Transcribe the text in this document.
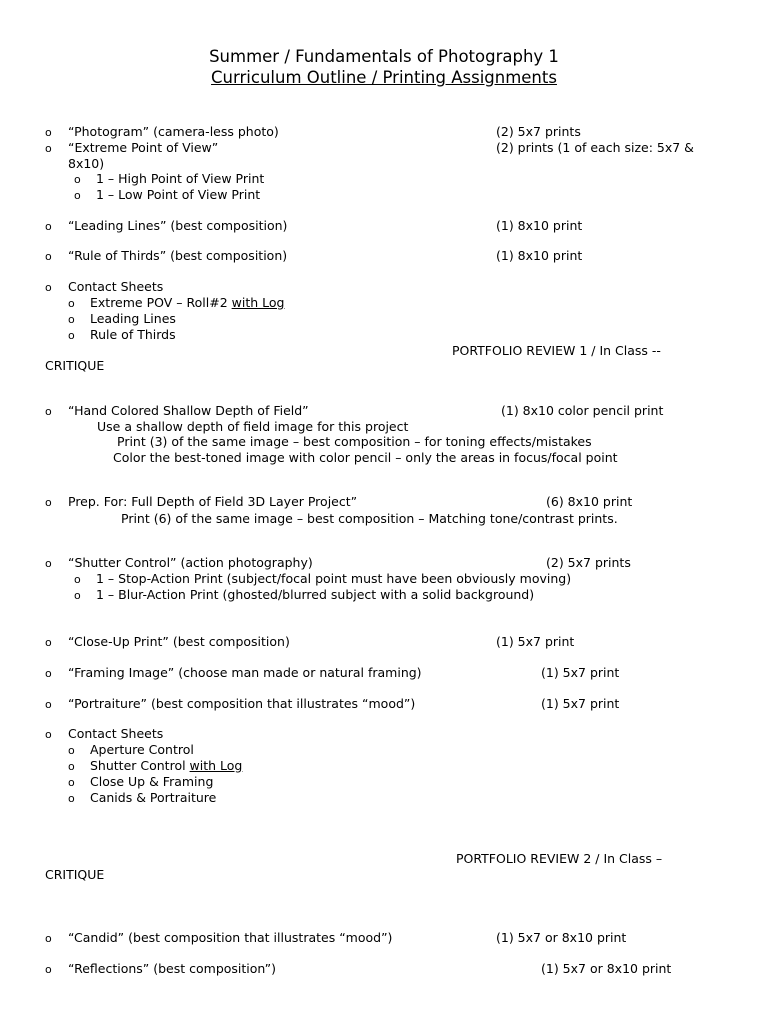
Summer / Fundamentals of Photography 1
Curriculum Outline / Printing Assignments
o “Photogram” (camera-less photo)	(2) 5x7 prints
o “Extreme Point of View”	(2) prints (1 of each size: 5x7 &
8x10)
o 1 – High Point of View Print
o 1 – Low Point of View Print
o “Leading Lines” (best composition)	(1) 8x10 print
o “Rule of Thirds” (best composition)	(1) 8x10 print
o Contact Sheets
o Extreme POV – Roll#2 with Log
o Leading Lines
o Rule of Thirds
PORTFOLIO REVIEW 1 / In Class --
CRITIQUE
o “Hand Colored Shallow Depth of Field”	(1) 8x10 color pencil print
Use a shallow depth of field image for this project
Print (3) of the same image – best composition – for toning effects/mistakes
Color the best-toned image with color pencil – only the areas in focus/focal point
o Prep. For: Full Depth of Field 3D Layer Project”	(6) 8x10 print
Print (6) of the same image – best composition – Matching tone/contrast prints.
o “Shutter Control” (action photography)	(2) 5x7 prints
o 1 – Stop-Action Print (subject/focal point must have been obviously moving)
o 1 – Blur-Action Print (ghosted/blurred subject with a solid background)
o “Close-Up Print” (best composition)	(1) 5x7 print
o “Framing Image” (choose man made or natural framing)	(1) 5x7 print
o “Portraiture” (best composition that illustrates “mood”)	(1) 5x7 print
o Contact Sheets
o Aperture Control
o Shutter Control with Log
o Close Up & Framing
o Canids & Portraiture
PORTFOLIO REVIEW 2 / In Class –
CRITIQUE
o “Candid” (best composition that illustrates “mood”)	(1) 5x7 or 8x10 print
o “Reflections” (best composition”)	(1) 5x7 or 8x10 print
